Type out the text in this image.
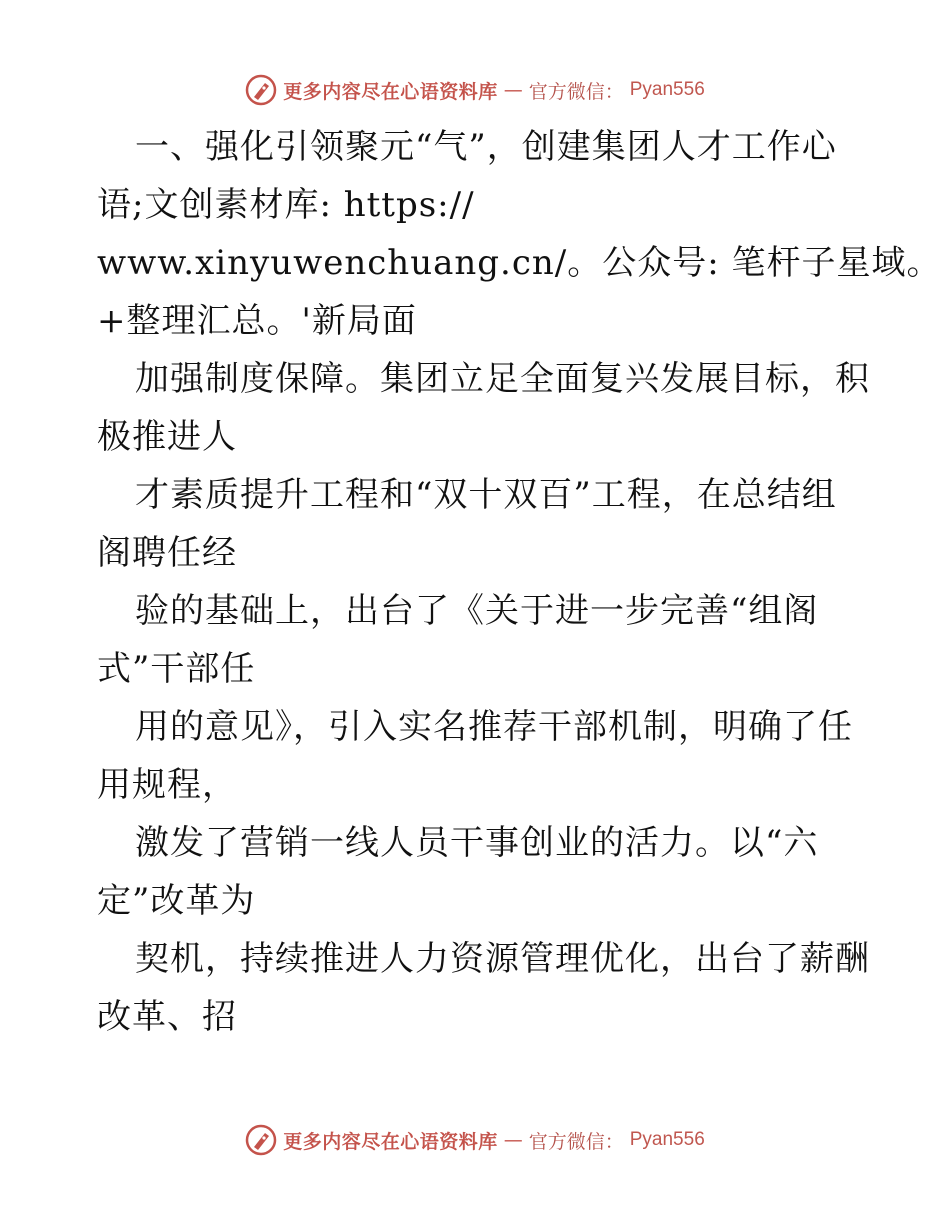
更多内容尽在心语资料库 — 官方微信： Pyan556
一、强化引领聚元“气”，创建集团人才工作心
语;文创素材库: https://
www.xinyuwenchuang.cn/。公众号: 笔杆子星域。
+整理汇总。'新局面
加强制度保障。集团立足全面复兴发展目标，积
极推进人
才素质提升工程和“双十双百”工程，在总结组
阁聘任经
验的基础上，出台了《关于进一步完善“组阁
式”干部任
用的意见》，引入实名推荐干部机制，明确了任
用规程，
激发了营销一线人员干事创业的活力。以“六
定”改革为
契机，持续推进人力资源管理优化，出台了薪酬
改革、招
更多内容尽在心语资料库 — 官方微信： Pyan556
